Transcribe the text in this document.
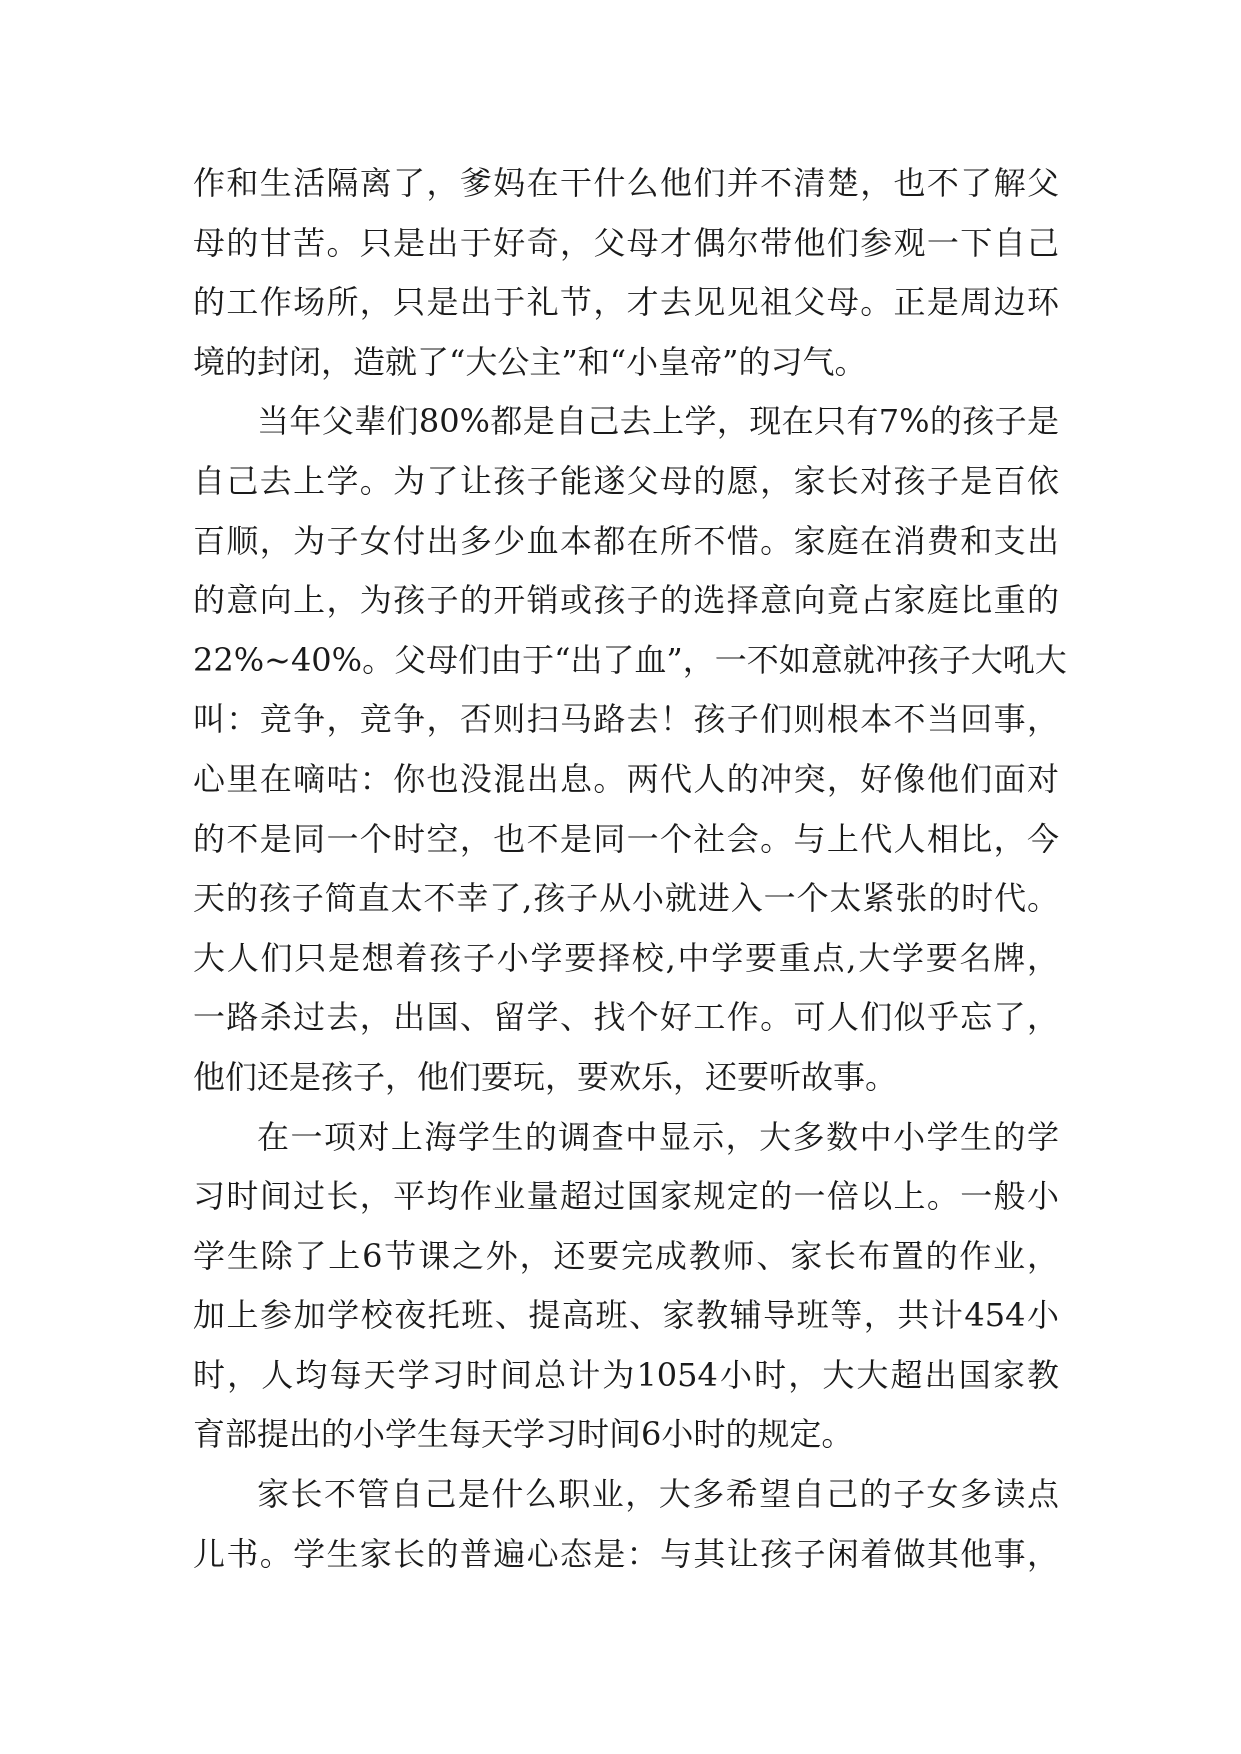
作和生活隔离了，爹妈在干什么他们并不清楚，也不了解父
母的甘苦。只是出于好奇，父母才偶尔带他们参观一下自己
的工作场所，只是出于礼节，才去见见祖父母。正是周边环
境的封闭，造就了“大公主”和“小皇帝”的习气。
当年父辈们80%都是自己去上学，现在只有7%的孩子是
自己去上学。为了让孩子能遂父母的愿，家长对孩子是百依
百顺，为子女付出多少血本都在所不惜。家庭在消费和支出
的意向上，为孩子的开销或孩子的选择意向竟占家庭比重的
22%~40%。父母们由于“出了血”，一不如意就冲孩子大吼大
叫：竞争，竞争，否则扫马路去！孩子们则根本不当回事，
心里在嘀咕：你也没混出息。两代人的冲突，好像他们面对
的不是同一个时空，也不是同一个社会。与上代人相比，今
天的孩子简直太不幸了,孩子从小就进入一个太紧张的时代。
大人们只是想着孩子小学要择校,中学要重点,大学要名牌，
一路杀过去，出国、留学、找个好工作。可人们似乎忘了，
他们还是孩子，他们要玩，要欢乐，还要听故事。
在一项对上海学生的调查中显示，大多数中小学生的学
习时间过长，平均作业量超过国家规定的一倍以上。一般小
学生除了上6节课之外，还要完成教师、家长布置的作业，
加上参加学校夜托班、提高班、家教辅导班等，共计454小
时，人均每天学习时间总计为1054小时，大大超出国家教
育部提出的小学生每天学习时间6小时的规定。
家长不管自己是什么职业，大多希望自己的子女多读点
儿书。学生家长的普遍心态是：与其让孩子闲着做其他事，
